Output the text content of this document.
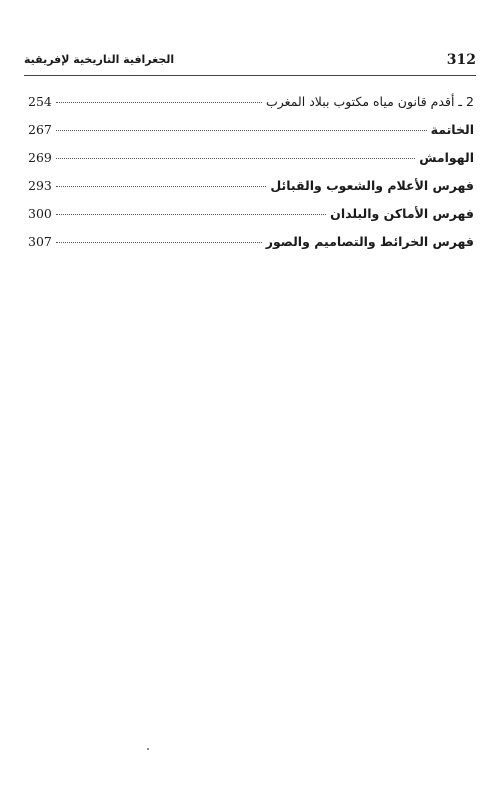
312
الجغرافية التاريخية لإفريقية
2 ـ أقدم قانون مياه مكتوب ببلاد المغرب
254
الخاتمة
267
الهوامش
269
فهرس الأعلام والشعوب والقبائل
293
فهرس الأماكن والبلدان
300
فهرس الخرائط والتصاميم والصور
307
